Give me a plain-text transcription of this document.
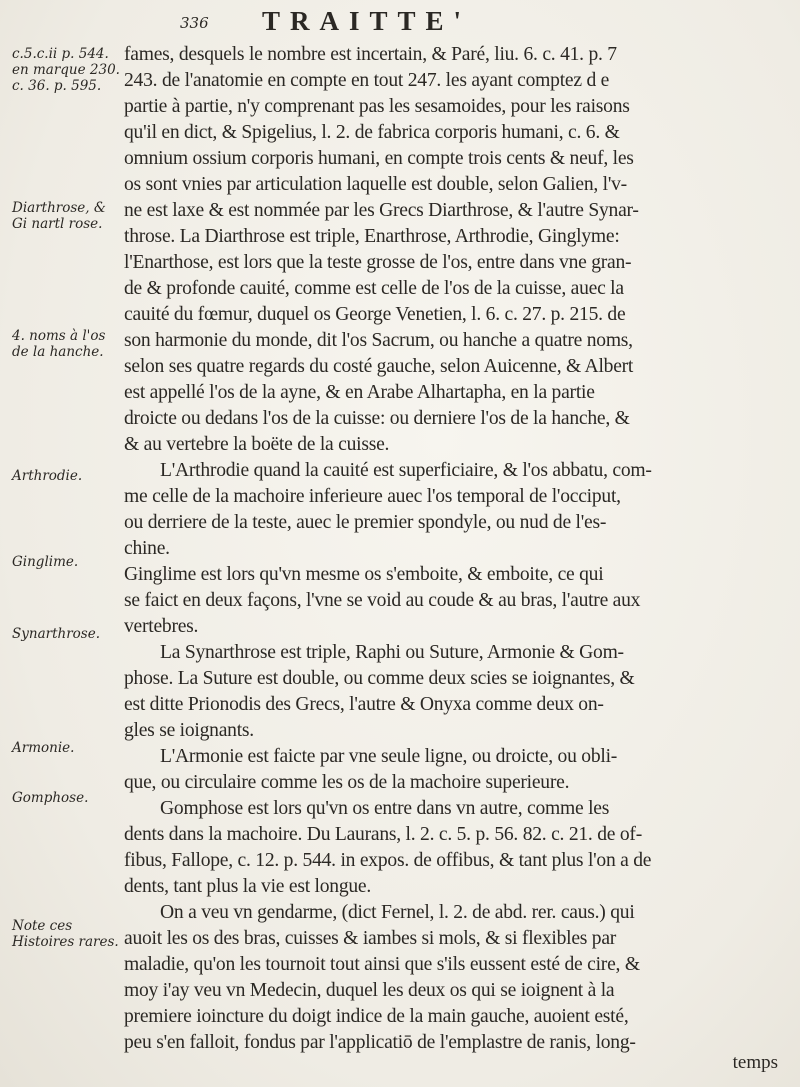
336 TRAITTE'
c.5.c.ii p. 544. en marque 230. c. 36. p. 595.
Diarthrose, & Gi nartl rose.
4. noms à l'os de la hanche.
Arthrodie.
Ginglime.
Synarthrose.
Armonie.
Gomphose.
Note ces Histoires rares.
fames, desquels le nombre est incertain, & Paré, liu. 6. c. 41. p. 7
243. de l'anatomie en compte en tout 247. les ayant comptez d e
partie à partie, n'y comprenant pas les sesamoides, pour les raisons
qu'il en dict, & Spigelius, l. 2. de fabrica corporis humani, c. 6. &
omnium ossium corporis humani, en compte trois cents & neuf, les
os sont vnies par articulation laquelle est double, selon Galien, l'v-
ne est laxe & est nommée par les Grecs Diarthrose, & l'autre Synar-
throse. La Diarthrose est triple, Enarthrose, Arthrodie, Ginglyme:
l'Enarthose, est lors que la teste grosse de l'os, entre dans vne gran-
de & profonde cauité, comme est celle de l'os de la cuisse, auec la
cauité du fœmur, duquel os George Venetien, l. 6. c. 27. p. 215. de
son harmonie du monde, dit l'os Sacrum, ou hanche a quatre noms,
selon ses quatre regards du costé gauche, selon Auicenne, & Albert
est appellé l'os de la ayne, & en Arabe Alhartapha, en la partie
droicte ou dedans l'os de la cuisse: ou derniere l'os de la hanche, &
& au vertebre la boëte de la cuisse.
L'Arthrodie quand la cauité est superficiaire, & l'os abbatu, com-
me celle de la machoire inferieure auec l'os temporal de l'occiput,
ou derriere de la teste, auec le premier spondyle, ou nud de l'es-
chine.
Ginglime est lors qu'vn mesme os s'emboite, & emboite, ce qui
se faict en deux façons, l'vne se void au coude & au bras, l'autre aux
vertebres.
La Synarthrose est triple, Raphi ou Suture, Armonie & Gom-
phose. La Suture est double, ou comme deux scies se ioignantes, &
est ditte Prionodis des Grecs, l'autre & Onyxa comme deux on-
gles se ioignants.
L'Armonie est faicte par vne seule ligne, ou droicte, ou obli-
que, ou circulaire comme les os de la machoire superieure.
Gomphose est lors qu'vn os entre dans vn autre, comme les
dents dans la machoire. Du Laurans, l. 2. c. 5. p. 56. 82. c. 21. de of-
fibus, Fallope, c. 12. p. 544. in expos. de offibus, & tant plus l'on a de
dents, tant plus la vie est longue.
On a veu vn gendarme, (dict Fernel, l. 2. de abd. rer. caus.) qui
auoit les os des bras, cuisses & iambes si mols, & si flexibles par
maladie, qu'on les tournoit tout ainsi que s'ils eussent esté de cire, &
moy i'ay veu vn Medecin, duquel les deux os qui se ioignent à la
premiere ioincture du doigt indice de la main gauche, auoient esté,
peu s'en falloit, fondus par l'applicatiō de l'emplastre de ranis, long-
temps
